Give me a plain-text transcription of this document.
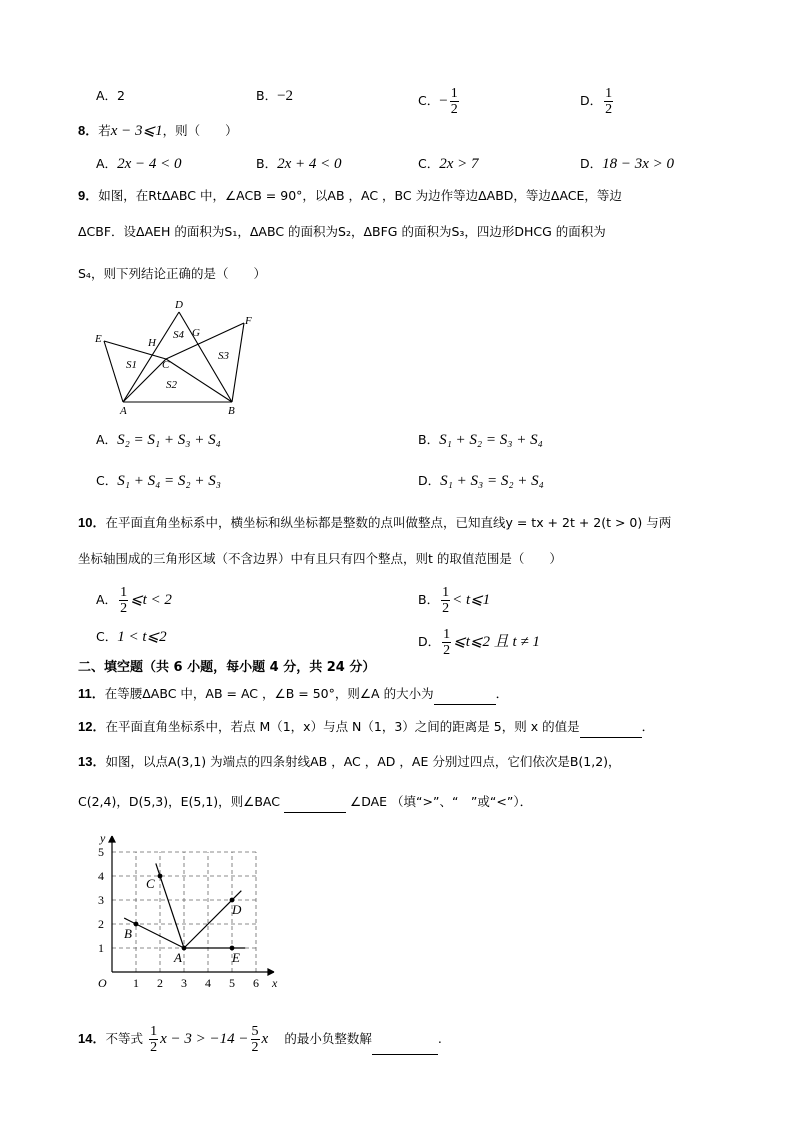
A．2	B．−2	C．− $\frac{1}{2}$	D． $\frac{1}{2}$
8．若x − 3⩽1，则（　　）
A．2x − 4 < 0	B．2x + 4 < 0	C．2x > 7	D．18 − 3x > 0
9．如图，在RtΔABC 中，∠ACB = 90°，以AB ，AC ，BC 为边作等边ΔABD，等边ΔACE，等边
ΔCBF．设ΔAEH 的面积为S₁，ΔABC 的面积为S₂，ΔBFG 的面积为S₃，四边形DHCG 的面积为
S₄，则下列结论正确的是（　　）
D
F
E	H
G
S4
S1 C
S3
S2
A	B
A．S₂ = S₁ + S₃ + S₄	B．S₁ + S₂ = S₃ + S₄
C．S₁ + S₄ = S₂ + S₃	D．S₁ + S₃ = S₂ + S₄
10．在平面直角坐标系中，横坐标和纵坐标都是整数的点叫做整点，已知直线y = tx + 2t + 2(t > 0) 与两
坐标轴围成的三角形区域（不含边界）中有且只有四个整点，则t 的取值范围是（　　）
A． $\frac{1}{2}$ ⩽t < 2	B． $\frac{1}{2}$ < t⩽1
C．1 < t⩽2	D． $\frac{1}{2}$ ⩽t⩽2 且 t ≠ 1
二、填空题（共 6 小题，每小题 4 分，共 24 分）
11．在等腰ΔABC 中，AB = AC ，∠B = 50°，则∠A 的大小为	．
12．在平面直角坐标系中，若点 M（1，x）与点 N（1，3）之间的距离是 5，则 x 的值是	．
13．如图，以点A(3,1) 为端点的四条射线AB ，AC ，AD ，AE 分别过四点，它们依次是B(1,2)，
C(2,4)，D(5,3)，E(5,1)，则∠BAC	∠DAE （填“>”、“　”或“<”）．
1 2 3 4 5 6
1
2
3
4
5
O	x
y
A
B
C
D
E
14．不等式 $\frac{1}{2}$ $x - 3 > -14 - \frac{5}{2}$ x 的最小负整数解	.
